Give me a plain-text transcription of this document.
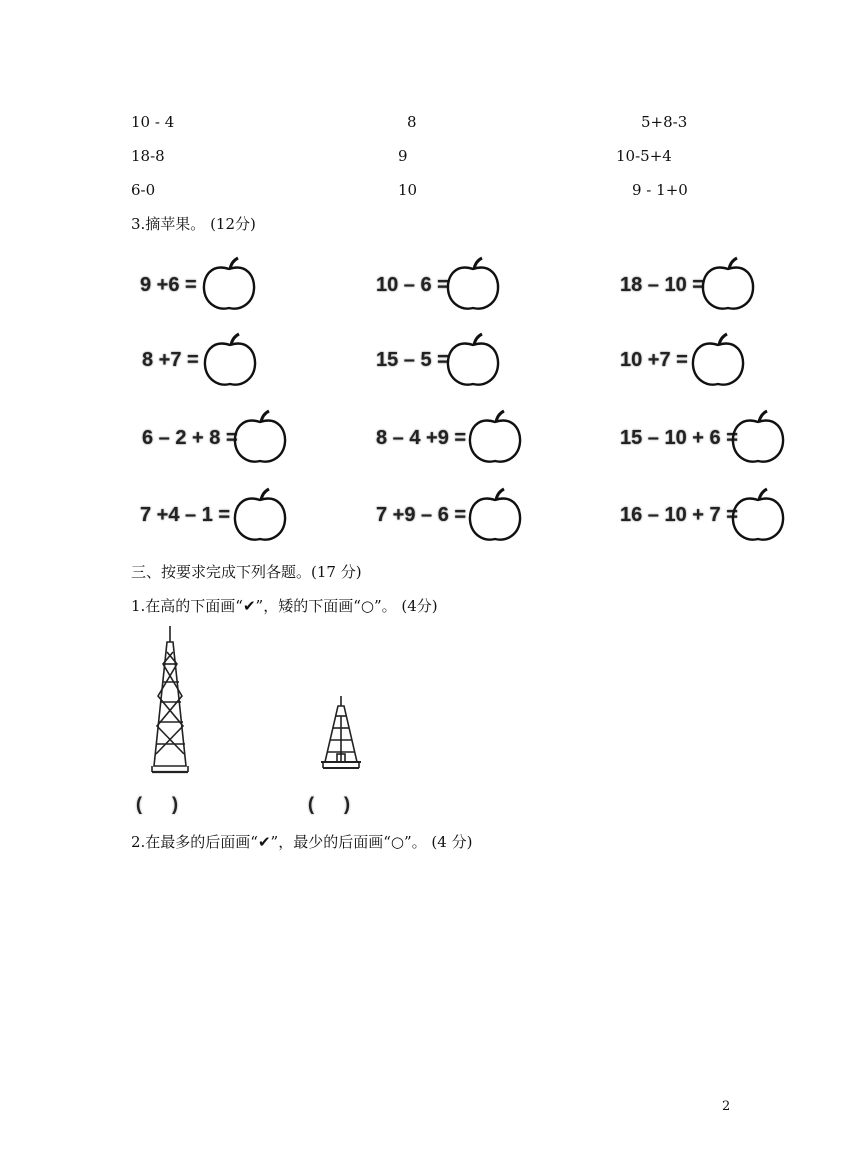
10 - 4	8	5+8-3
18-8	9	10-5+4
6-0	10	9 - 1+0
3.摘苹果。 (12分)
9 +6 =	10 – 6 =	18 – 10 =
8 +7 =	15 – 5 =	10 +7 =
6 – 2 + 8 =	8 – 4 +9 =	15 – 10 + 6 =
7 +4 – 1 =	7 +9 – 6 =	16 – 10 + 7 =
三、按要求完成下列各题。(17 分)
1.在高的下面画“✔”，矮的下面画“○”。 (4分)
(      )	(      )
2.在最多的后面画“✔”，最少的后面画“○”。 (4 分)
2
